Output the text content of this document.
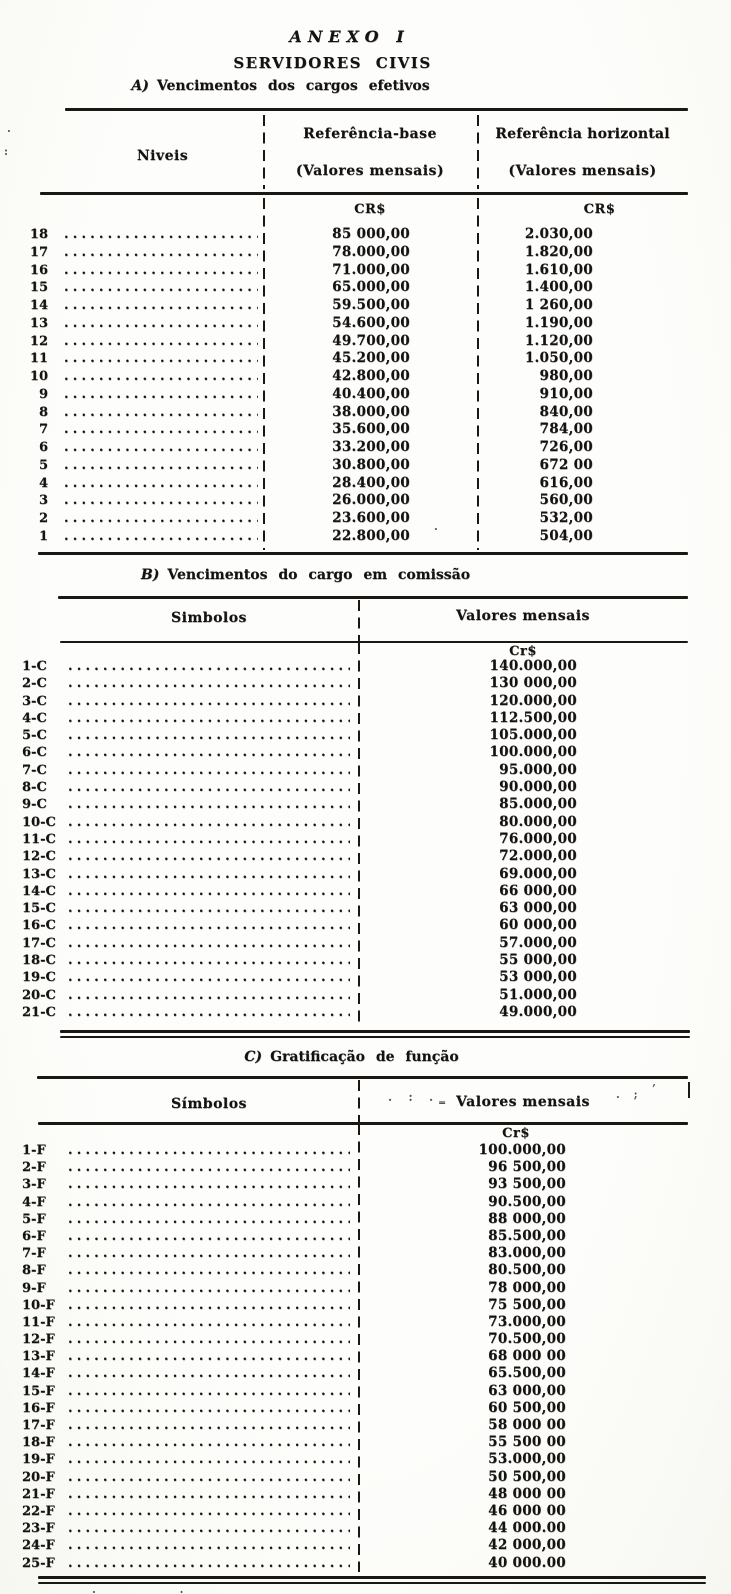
ANEXO I
SERVIDORES CIVIS
A) Vencimentos dos cargos efetivos
Niveis
Referência-base
(Valores mensais)
Referência horizontal
(Valores mensais)
CR$	CR$
18 .....	85 000,00	2.030,00
17 .....	78.000,00	1.820,00
16 .....	71.000,00	1.610,00
15 .....	65.000,00	1.400,00
14 .....	59.500,00	1 260,00
13 .....	54.600,00	1.190,00
12 .....	49.700,00	1.120,00
11 .....	45.200,00	1.050,00
10 .....	42.800,00	980,00
9 .....	40.400,00	910,00
8 .....	38.000,00	840,00
7 .....	35.600,00	784,00
6 .....	33.200,00	726,00
5 .....	30.800,00	672 00
4 .....	28.400,00	616,00
3 .....	26.000,00	560,00
2 .....	23.600,00	532,00
1 .....	22.800,00	504,00
B) Vencimentos do cargo em comissão
Simbolos	Valores mensais
Cr$
1-C .....	140.000,00
2-C .....	130 000,00
3-C .....	120.000,00
4-C .....	112.500,00
5-C .....	105.000,00
6-C .....	100.000,00
7-C .....	95.000,00
8-C .....	90.000,00
9-C .....	85.000,00
10-C .....	80.000,00
11-C .....	76.000,00
12-C .....	72.000,00
13-C .....	69.000,00
14-C .....	66 000,00
15-C .....	63 000,00
16-C .....	60 000,00
17-C .....	57.000,00
18-C .....	55 000,00
19-C .....	53 000,00
20-C .....	51.000,00
21-C .....	49.000,00
C) Gratificação de função
Símbolos	Valores mensais
Cr$
1-F .....	100.000,00
2-F .....	96 500,00
3-F .....	93 500,00
4-F .....	90.500,00
5-F .....	88 000,00
6-F .....	85.500,00
7-F .....	83.000,00
8-F .....	80.500,00
9-F .....	78 000,00
10-F .....	75 500,00
11-F .....	73.000,00
12-F .....	70.500,00
13-F .....	68 000 00
14-F .....	65.500,00
15-F .....	63 000,00
16-F .....	60 500,00
17-F .....	58 000 00
18-F .....	55 500 00
19-F .....	53.000,00
20-F .....	50 500,00
21-F .....	48 000 00
22-F .....	46 000 00
23-F .....	44 000.00
24-F .....	42 000,00
25-F .....	40 000.00
:
.
. : .‗	. ; ’
.
. .
